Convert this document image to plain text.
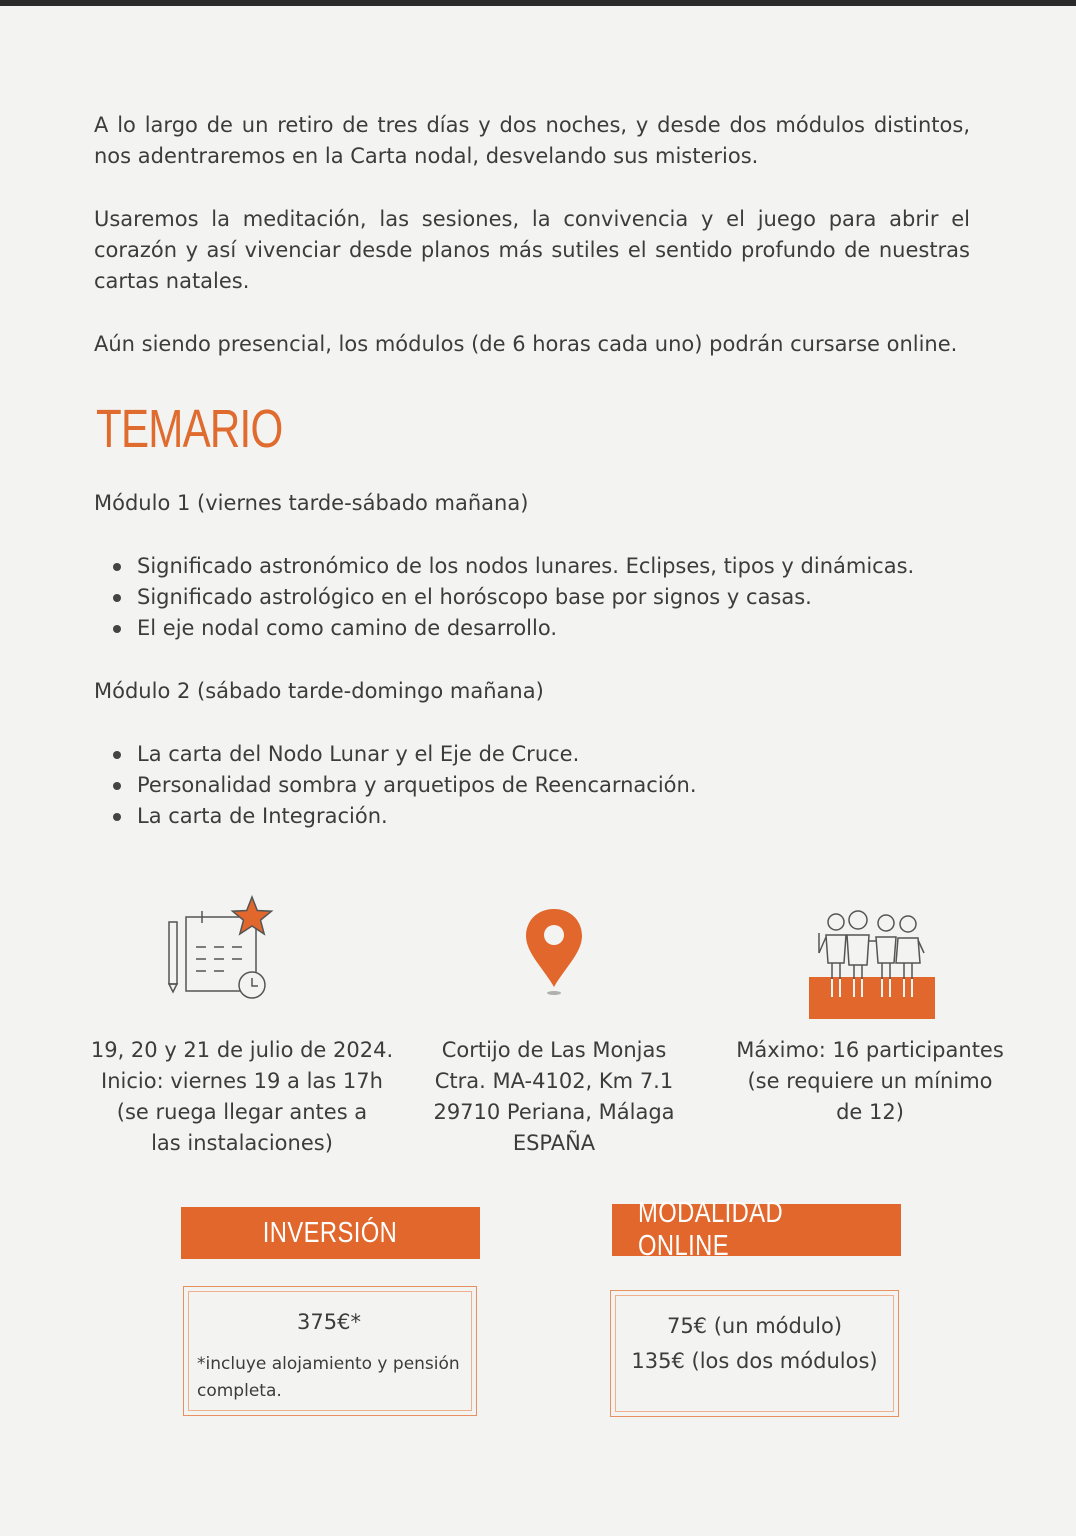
A lo largo de un retiro de tres días y dos noches, y desde dos módulos distintos, nos adentraremos en la Carta nodal, desvelando sus misterios.

Usaremos la meditación, las sesiones, la convivencia y el juego para abrir el corazón y así vivenciar desde planos más sutiles el sentido profundo de nuestras cartas natales.

Aún siendo presencial, los módulos (de 6 horas cada uno) podrán cursarse online.

TEMARIO

Módulo 1 (viernes tarde-sábado mañana)

Significado astronómico de los nodos lunares. Eclipses, tipos y dinámicas.
Significado astrológico en el horóscopo base por signos y casas.
El eje nodal como camino de desarrollo.

Módulo 2 (sábado tarde-domingo mañana)

La carta del Nodo Lunar y el Eje de Cruce.
Personalidad sombra y arquetipos de Reencarnación.
La carta de Integración.
19, 20 y 21 de julio de 2024.
Inicio: viernes 19 a las 17h
(se ruega llegar antes a
las instalaciones)
Cortijo de Las Monjas
Ctra. MA-4102, Km 7.1
29710 Periana, Málaga
ESPAÑA
Máximo: 16 participantes
(se requiere un mínimo
de 12)
INVERSIÓN
MODALIDAD ONLINE
375€*
*incluye alojamiento y pensión
completa.
75€ (un módulo)
135€ (los dos módulos)
